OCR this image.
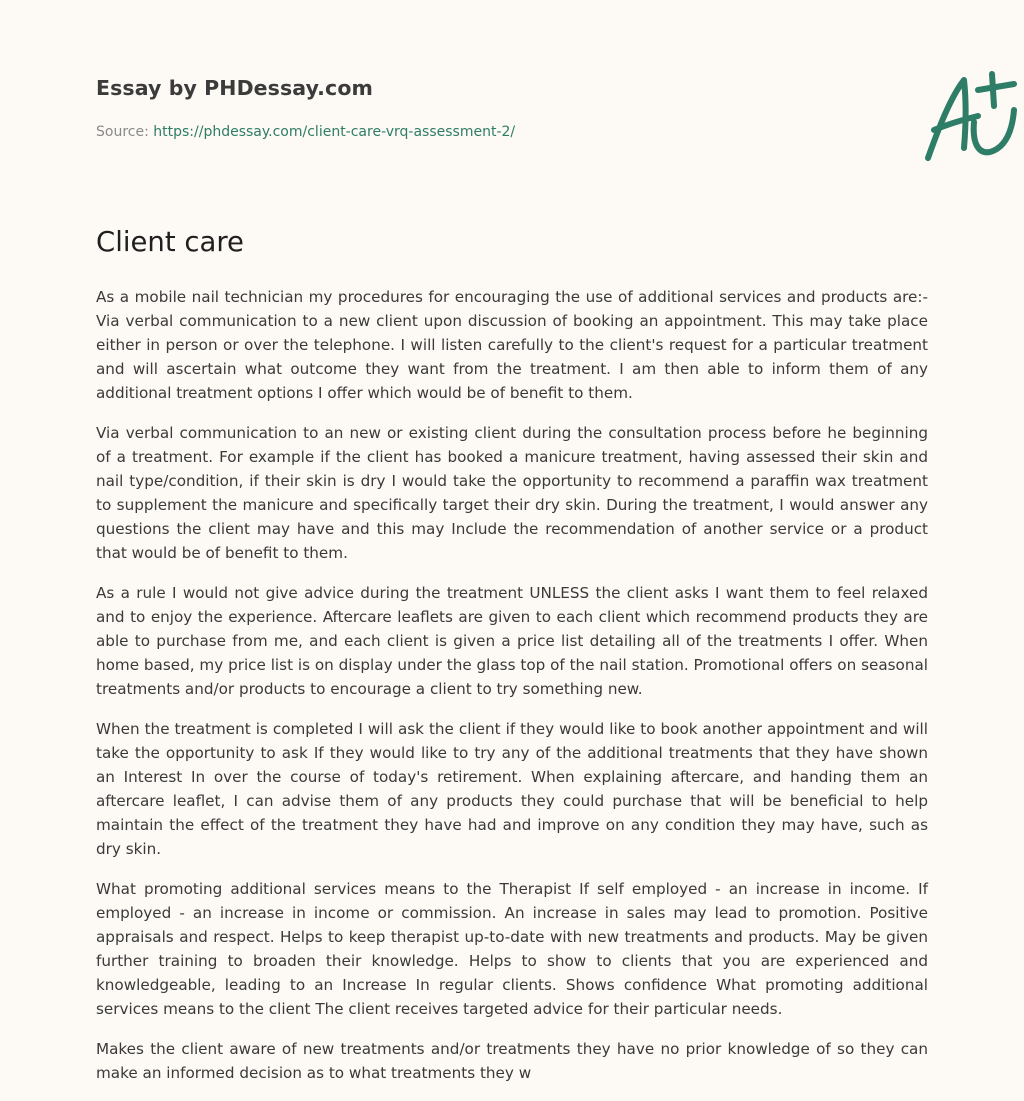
Essay by PHDessay.com
Source: https://phdessay.com/client-care-vrq-assessment-2/
Client care

As a mobile nail technician my procedures for encouraging the use of additional services and products are:- Via verbal communication to a new client upon discussion of booking an appointment. This may take place either in person or over the telephone. I will listen carefully to the client's request for a particular treatment and will ascertain what outcome they want from the treatment. I am then able to inform them of any additional treatment options I offer which would be of benefit to them.

Via verbal communication to an new or existing client during the consultation process before he beginning of a treatment. For example if the client has booked a manicure treatment, having assessed their skin and nail type/condition, if their skin is dry I would take the opportunity to recommend a paraffin wax treatment to supplement the manicure and specifically target their dry skin. During the treatment, I would answer any questions the client may have and this may Include the recommendation of another service or a product that would be of benefit to them.

As a rule I would not give advice during the treatment UNLESS the client asks I want them to feel relaxed and to enjoy the experience. Aftercare leaflets are given to each client which recommend products they are able to purchase from me, and each client is given a price list detailing all of the treatments I offer. When home based, my price list is on display under the glass top of the nail station. Promotional offers on seasonal treatments and/or products to encourage a client to try something new.

When the treatment is completed I will ask the client if they would like to book another appointment and will take the opportunity to ask If they would like to try any of the additional treatments that they have shown an Interest In over the course of today's retirement. When explaining aftercare, and handing them an aftercare leaflet, I can advise them of any products they could purchase that will be beneficial to help maintain the effect of the treatment they have had and improve on any condition they may have, such as dry skin.

What promoting additional services means to the Therapist If self employed - an increase in income. If employed - an increase in income or commission. An increase in sales may lead to promotion. Positive appraisals and respect. Helps to keep therapist up-to-date with new treatments and products. May be given further training to broaden their knowledge. Helps to show to clients that you are experienced and knowledgeable, leading to an Increase In regular clients. Shows confidence What promoting additional services means to the client The client receives targeted advice for their particular needs.

Makes the client aware of new treatments and/or treatments they have no prior knowledge of so they can make an informed decision as to what treatments they w
